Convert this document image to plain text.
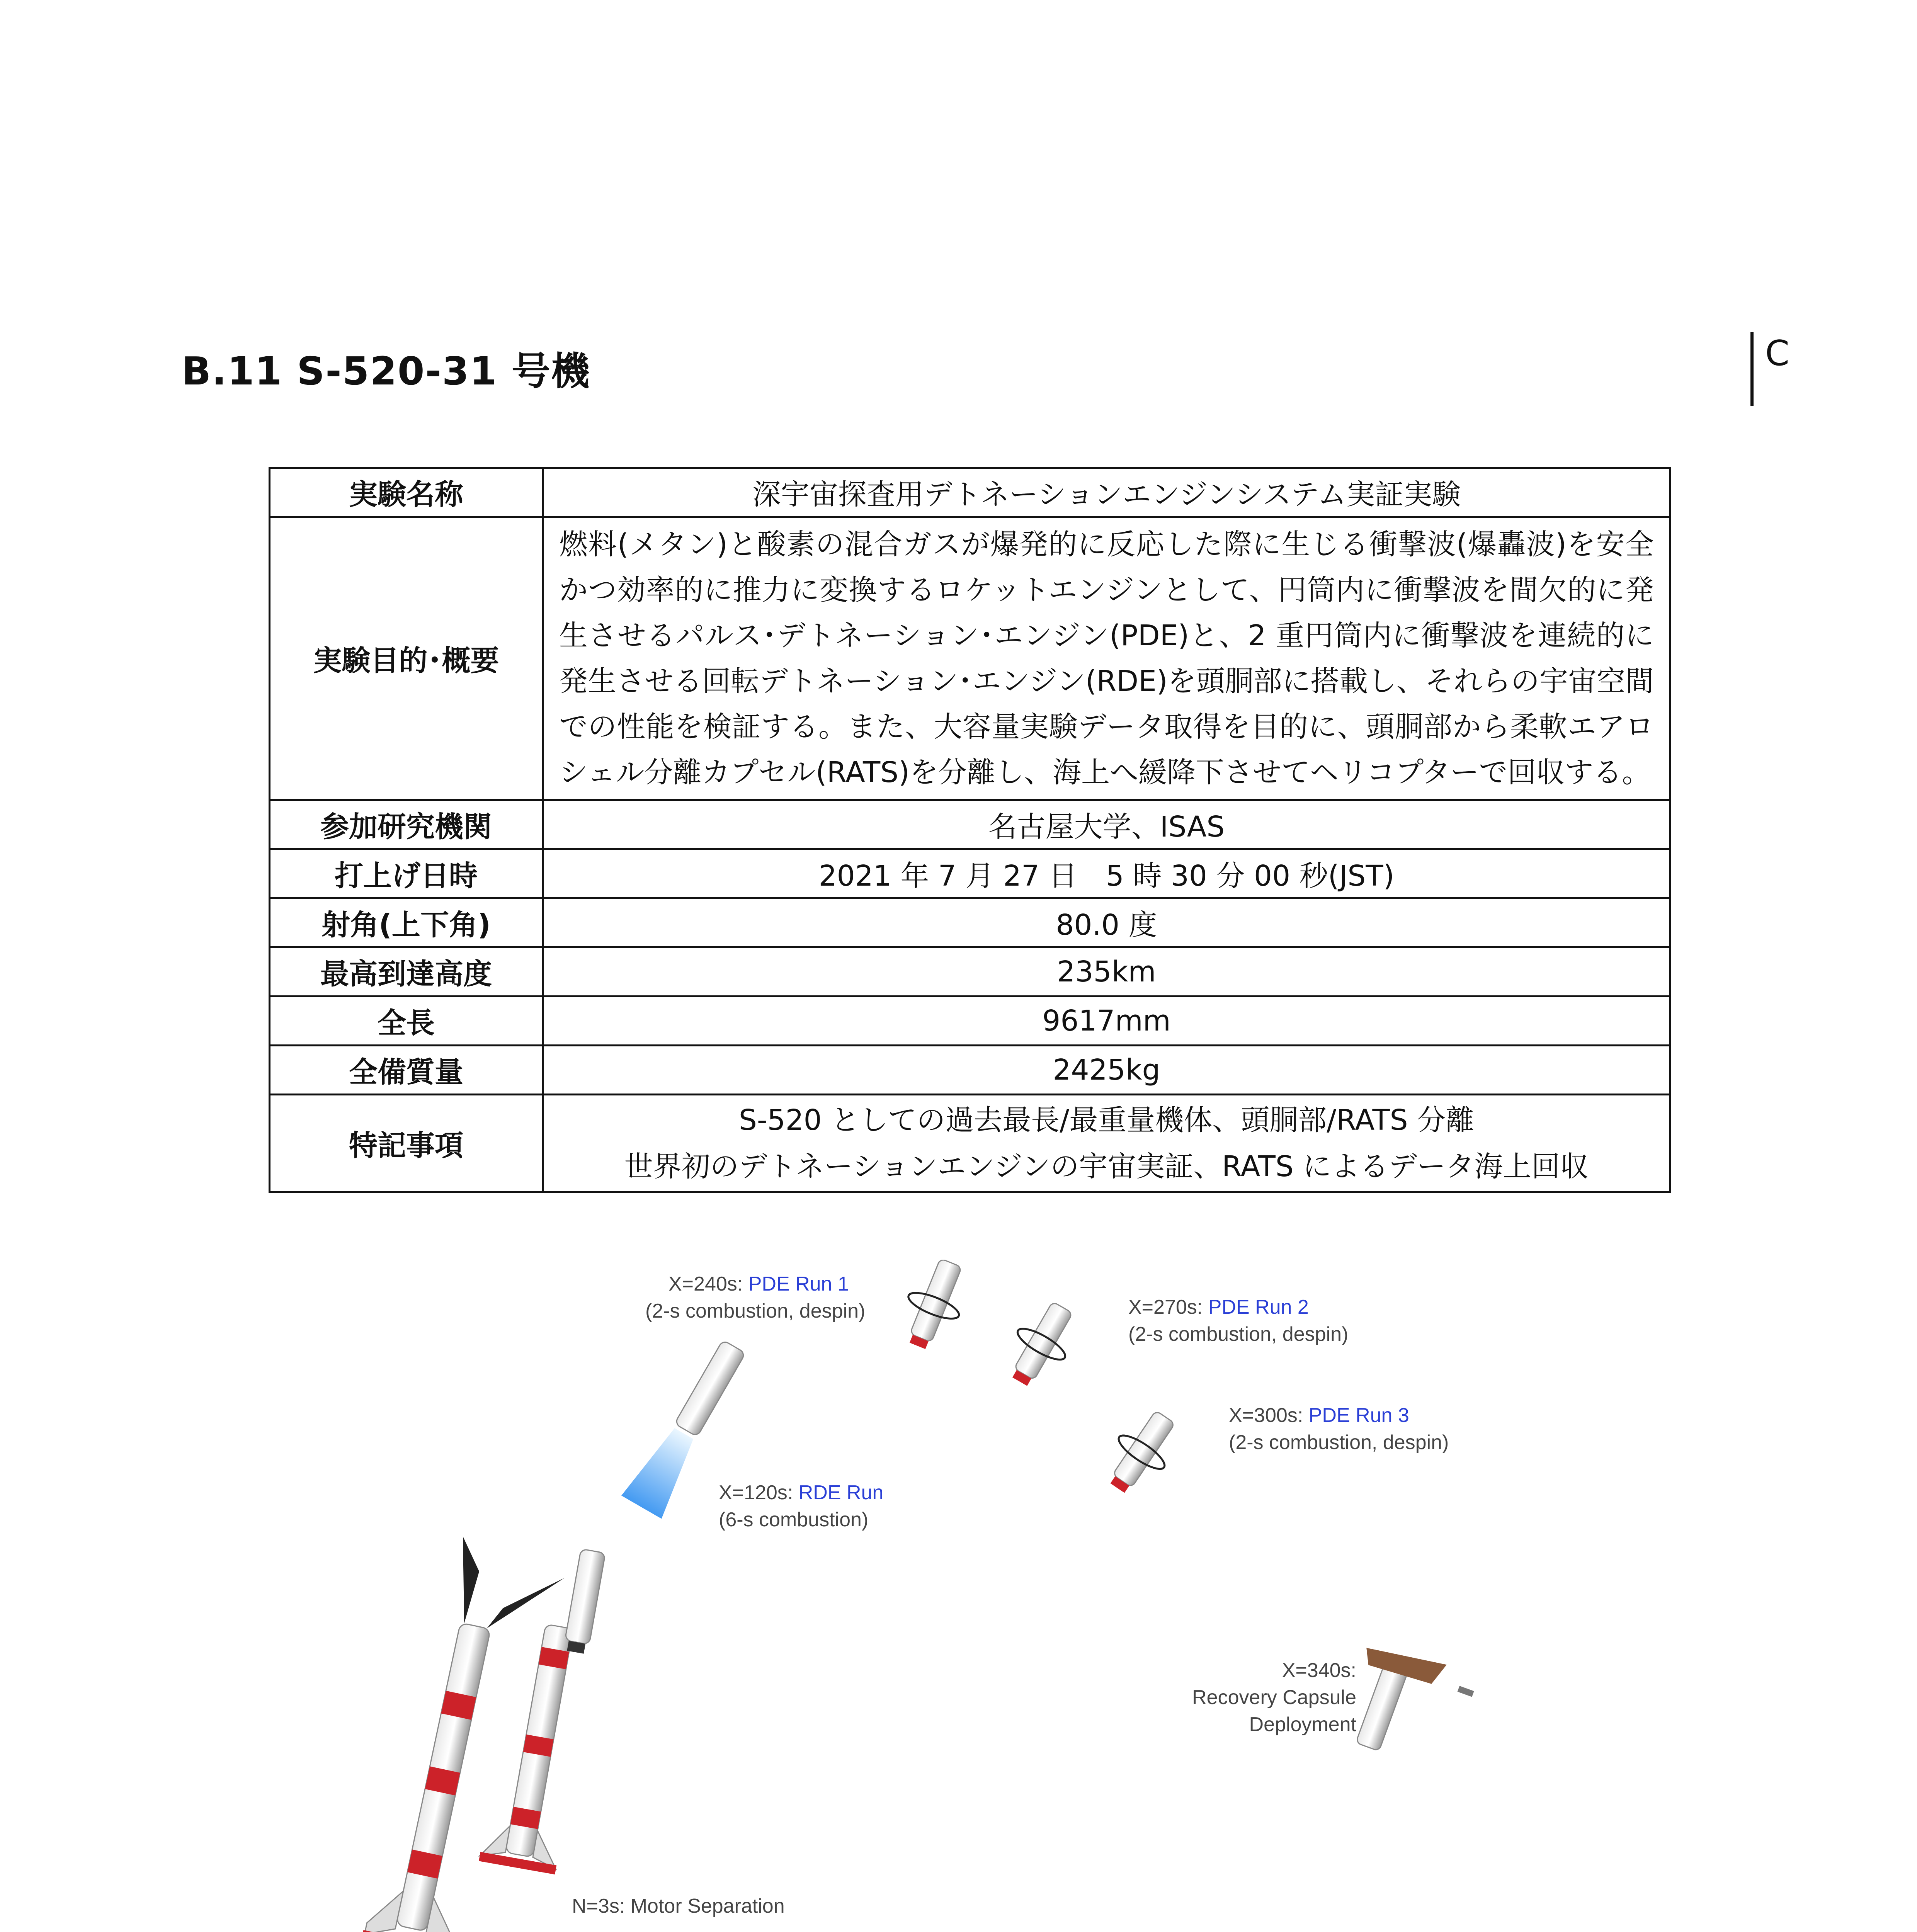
B.11 S-520-31 号機	C
実験名称	深宇宙探査用デトネーションエンジンシステム実証実験
実験目的･概要	燃料(メタン)と酸素の混合ガスが爆発的に反応した際に生じる衝撃波(爆轟波)を安全かつ効率的に推力に変換するロケットエンジンとして、円筒内に衝撃波を間欠的に発生させるパルス･デトネーション･エンジン(PDE)と、2 重円筒内に衝撃波を連続的に発生させる回転デトネーション･エンジン(RDE)を頭胴部に搭載し、それらの宇宙空間での性能を検証する。また、大容量実験データ取得を目的に、頭胴部から柔軟エアロシェル分離カプセル(RATS)を分離し、海上へ緩降下させてヘリコプターで回収する。
参加研究機関	名古屋大学、ISAS
打上げ日時	2021 年 7 月 27 日　5 時 30 分 00 秒(JST)
射角(上下角)	80.0 度
最高到達高度	235km
全長	9617mm
全備質量	2425kg
特記事項	S-520 としての過去最長/最重量機体、頭胴部/RATS 分離
世界初のデトネーションエンジンの宇宙実証、RATS によるデータ海上回収
X=240s: PDE Run 1
(2-s combustion, despin)	X=270s: PDE Run 2
(2-s combustion, despin)
X=300s: PDE Run 3
(2-s combustion, despin)
X=120s: RDE Run
(6-s combustion)
X=340s:
Recovery Capsule
Deployment
N=3s: Motor Separation
